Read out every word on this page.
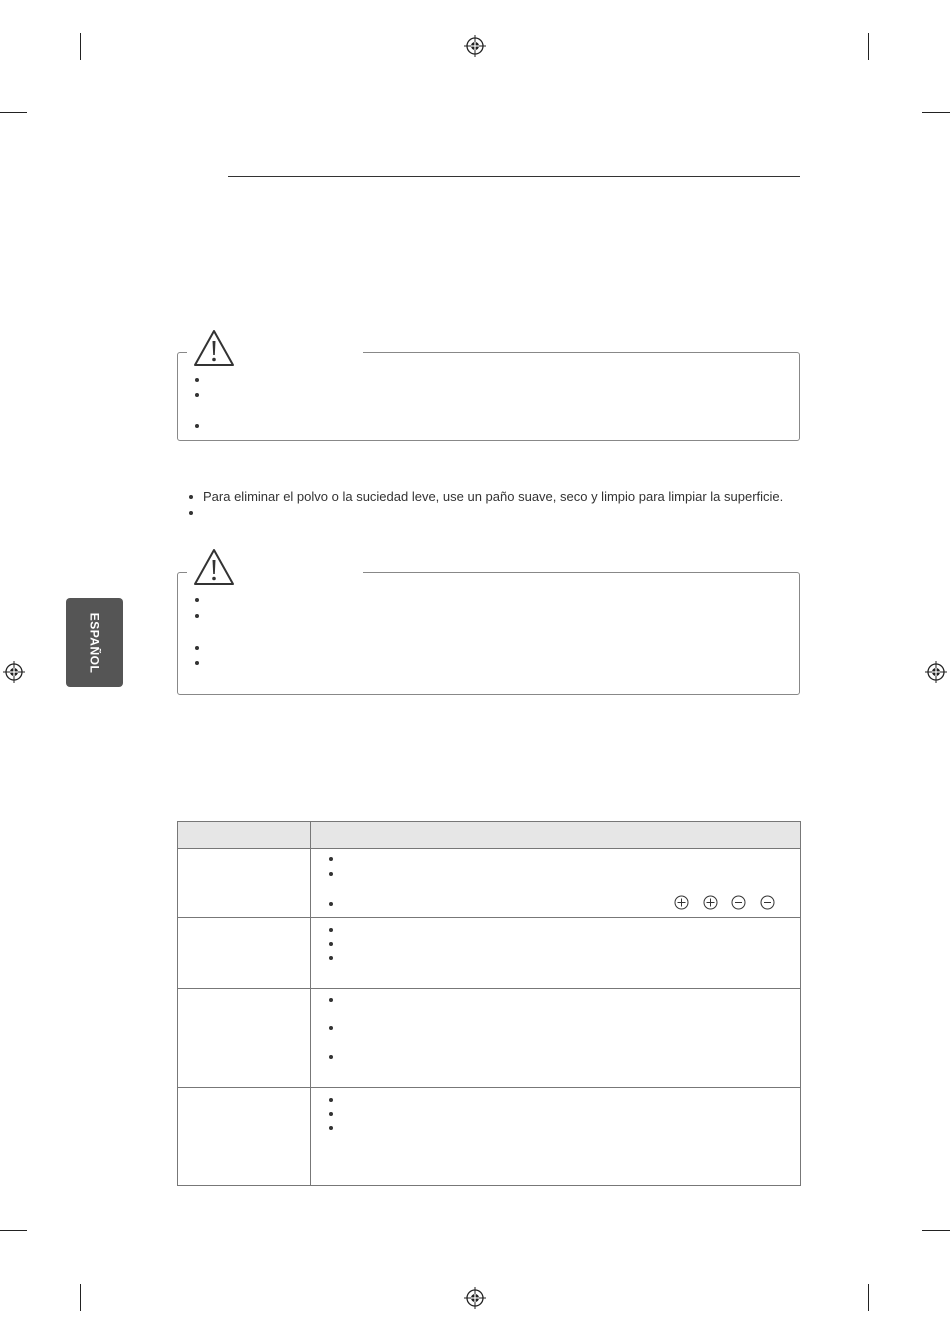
ESPAÑOL
Para eliminar el polvo o la suciedad leve, use un paño suave, seco y limpio para limpiar la superficie.
